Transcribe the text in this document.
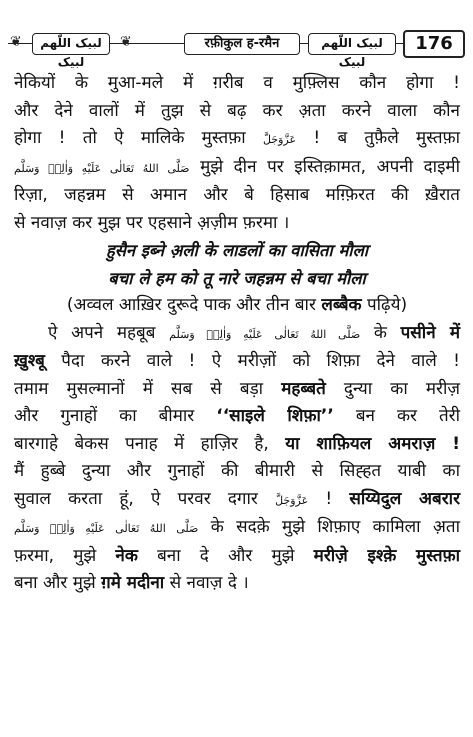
❦	لبیک اللّٰھم لبیک
❦	रफ़ीकुल ह-रमैन	لبیک اللّٰھم لبیک
176
नेकियों के मुआ-मले में ग़रीब व मुफ़्लिस कौन होगा !
और देने वालों में तुझ से बढ़ कर अ़ता करने वाला कौन
होगा ! तो ऐ मालिके मुस्तफ़ा عَزَّوَجَلَّ ! ब तुफ़ैले मुस्तफ़ा
صَلَّى اللهُ تَعَالٰى عَلَيْهِ وَاٰلِهٖ وَسَلَّم मुझे दीन पर इस्तिक़ामत, अपनी दाइमी
रिज़ा, जहन्नम से अमान और बे हिसाब मग़्फ़िरत की ख़ैरात
से नवाज़ कर मुझ पर एहसाने अ़ज़ीम फ़रमा ।
हुसैन इब्ने अ़ली के लाडलों का वासिता मौला
बचा ले हम को तू नारे जहन्नम से बचा मौला
(अव्वल आख़िर दुरूदे पाक और तीन बार लब्बैक पढ़िये)
ऐ अपने महबूब صَلَّى اللهُ تَعَالٰى عَلَيْهِ وَاٰلِهٖ وَسَلَّم के पसीने में
ख़ुश्बू पैदा करने वाले ! ऐ मरीज़ों को शिफ़ा देने वाले !
तमाम मुसल्मानों में सब से बड़ा महब्बते दुन्या का मरीज़
और गुनाहों का बीमार ‘‘साइले शिफ़ा’’ बन कर तेरी
बारगाहे बेकस पनाह में हाज़िर है, या शाफ़ियल अमराज़ !
मैं हुब्बे दुन्या और गुनाहों की बीमारी से सिह्हत याबी का
सुवाल करता हूं, ऐ परवर दगार عَزَّوَجَلَّ ! सय्यिदुल अबरार
صَلَّى اللهُ تَعَالٰى عَلَيْهِ وَاٰلِهٖ وَسَلَّم के सदक़े मुझे शिफ़ाए कामिला अ़ता
फ़रमा, मुझे नेक बना दे और मुझे मरीज़े इश्क़े मुस्तफ़ा
बना और मुझे ग़मे मदीना से नवाज़ दे ।
